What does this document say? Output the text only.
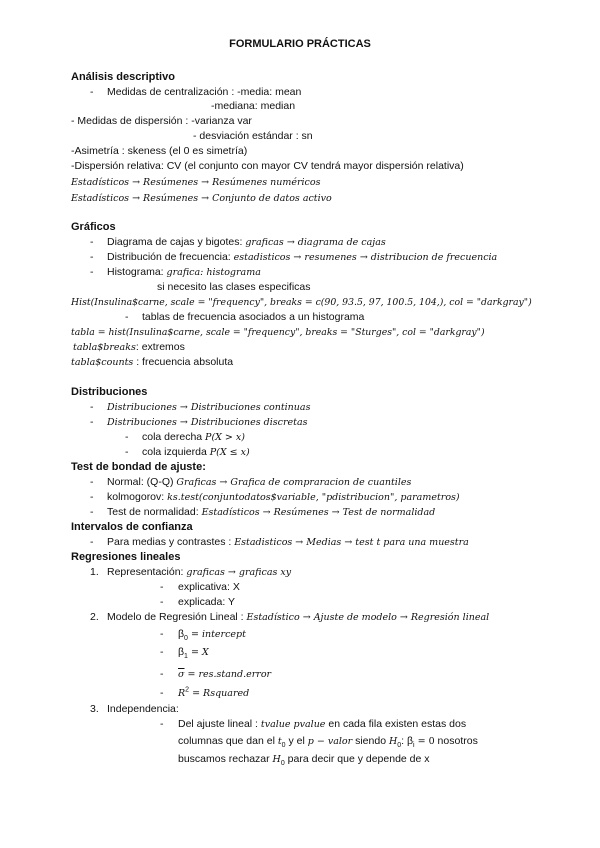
FORMULARIO PRÁCTICAS
Análisis descriptivo
- Medidas de centralización : -media: mean
-mediana: median
- Medidas de dispersión : -varianza var
- desviación estándar : sn
-Asimetría : skeness (el 0 es simetría)
-Dispersión relativa: CV (el conjunto con mayor CV tendrá mayor dispersión relativa)
Estadísticos → Resúmenes → Resúmenes numéricos
Estadísticos → Resúmenes → Conjunto de datos activo
Gráficos
- Diagrama de cajas y bigotes: graficas → diagrama de cajas
- Distribución de frecuencia: estadisticos → resumenes → distribucion de frecuencia
- Histograma: grafica: histograma
si necesito las clases especificas
Hist(Insulina$carne, scale = "frequency", breaks = c(90, 93.5, 97, 100.5, 104,), col = "darkgray")
- tablas de frecuencia asociados a un histograma
tabla = hist(Insulina$carne, scale = "frequency", breaks = "Sturges", col = "darkgray")
tabla$breaks: extremos
tabla$counts : frecuencia absoluta
Distribuciones
- Distribuciones → Distribuciones continuas
- Distribuciones → Distribuciones discretas
- cola derecha P(X > x)
- cola izquierda P(X ≤ x)
Test de bondad de ajuste:
- Normal: (Q-Q) Graficas → Grafica de compraracion de cuantiles
- kolmogorov: ks.test(conjuntodatos$variable, "pdistribucion", parametros)
- Test de normalidad: Estadísticos → Resúmenes → Test de normalidad
Intervalos de confianza
- Para medias y contrastes : Estadisticos → Medias → test t para una muestra
Regresiones lineales
1. Representación: graficas → graficas xy
- explicativa: X
- explicada: Y
2. Modelo de Regresión Lineal : Estadístico → Ajuste de modelo → Regresión lineal
- $\beta_0$ = intercept
- $\beta_1 = X$
- $\overline{\sigma}$ = res.stand.error
- $R^2$ = Rsquared
3. Independencia:
- Del ajuste lineal : tvalue pvalue en cada fila existen estas dos
columnas que dan el $t_0$ y el p − valor siendo $H_0$: $\beta_i = 0$ nosotros
buscamos rechazar $H_0$ para decir que y depende de x
